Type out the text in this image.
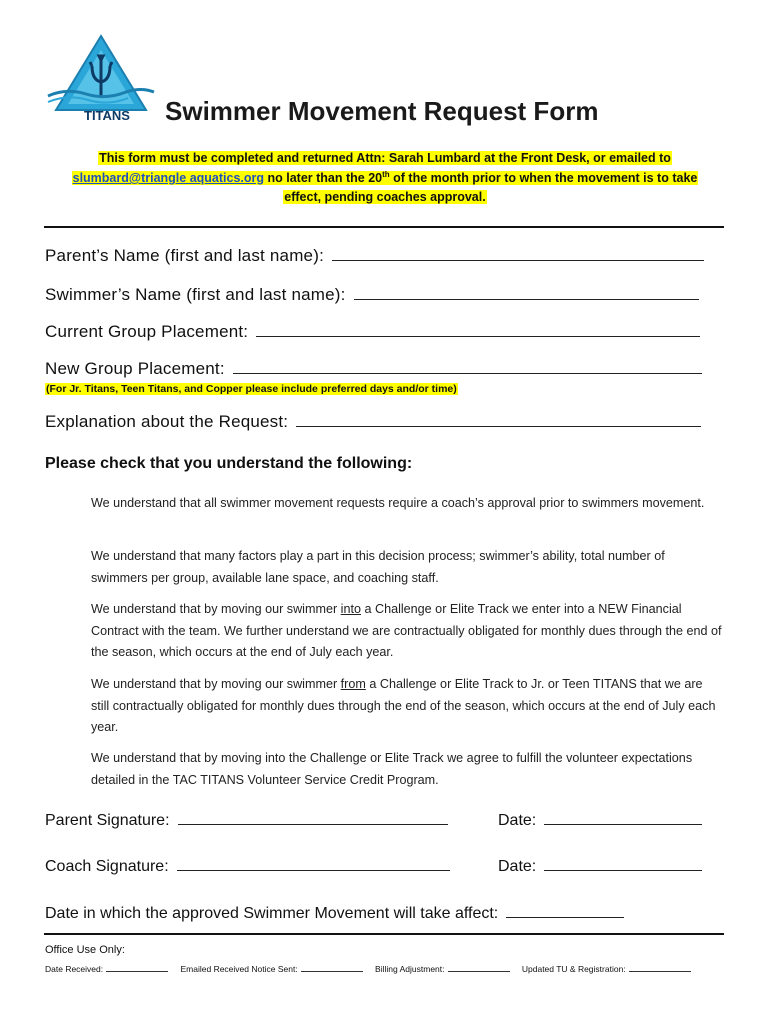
TITANS Swimmer Movement Request Form
This form must be completed and returned Attn: Sarah Lumbard at the Front Desk, or emailed to
slumbard@triangle aquatics.org no later than the 20th of the month prior to when the movement is to take
effect, pending coaches approval.
Parent’s Name (first and last name):
Swimmer’s Name (first and last name):
Current Group Placement:
New Group Placement:
(For Jr. Titans, Teen Titans, and Copper please include preferred days and/or time)
Explanation about the Request:
Please check that you understand the following:
We understand that all swimmer movement requests require a coach’s approval prior to swimmers movement.
We understand that many factors play a part in this decision process; swimmer’s ability, total number of swimmers per group, available lane space, and coaching staff.
We understand that by moving our swimmer into a Challenge or Elite Track we enter into a NEW Financial Contract with the team. We further understand we are contractually obligated for monthly dues through the end of the season, which occurs at the end of July each year.
We understand that by moving our swimmer from a Challenge or Elite Track to Jr. or Teen TITANS that we are still contractually obligated for monthly dues through the end of the season, which occurs at the end of July each year.
We understand that by moving into the Challenge or Elite Track we agree to fulfill the volunteer expectations detailed in the TAC TITANS Volunteer Service Credit Program.
Parent Signature:	Date:
Coach Signature:	Date:
Date in which the approved Swimmer Movement will take affect:
Office Use Only:
Date Received:	Emailed Received Notice Sent:	Billing Adjustment:	Updated TU & Registration:
